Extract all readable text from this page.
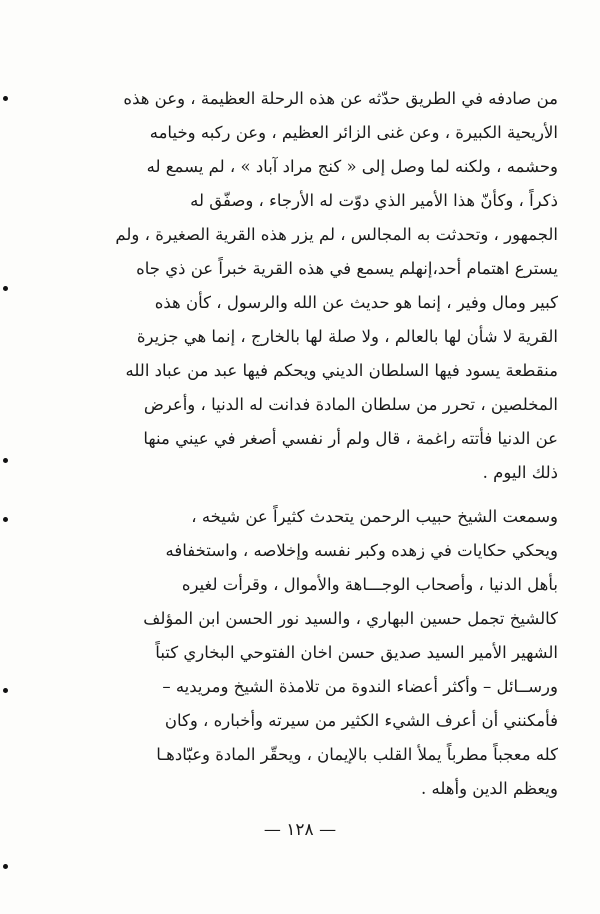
من صادفه في الطريق حدّثه عن هذه الرحلة العظيمة ، وعن هذه
الأريحية الكبيرة ، وعن غنى الزائر العظيم ، وعن ركبه وخيامه
وحشمه ، ولكنه لما وصل إلى « كنج مراد آباد » ، لم يسمع له
ذكراً ، وكأنّ هذا الأمير الذي دوّت له الأرجاء ، وصفّق له
الجمهور ، وتحدثت به المجالس ، لم يزر هذه القرية الصغيرة ، ولم
يسترع اهتمام أحد،إنهلم يسمع في هذه القرية خبراً عن ذي جاه
كبير ومال وفير ، إنما هو حديث عن الله والرسول ، كأن هذه
القرية لا شأن لها بالعالم ، ولا صلة لها بالخارج ، إنما هي جزيرة
منقطعة يسود فيها السلطان الديني ويحكم فيها عبد من عباد الله
المخلصين ، تحرر من سلطان المادة فدانت له الدنيا ، وأعرض
عن الدنيا فأتته راغمة ، قال ولم أر نفسي أصغر في عيني منها
ذلك اليوم .
وسمعت الشيخ حبيب الرحمن يتحدث كثيراً عن شيخه ،
ويحكي حكايات في زهده وكبر نفسه وإخلاصه ، واستخفافه
بأهل الدنيا ، وأصحاب الوجـــاهة والأموال ، وقرأت لغيره
كالشيخ تجمل حسين البهاري ، والسيد نور الحسن ابن المؤلف
الشهير الأمير السيد صديق حسن اخان الفتوحي البخاري كتباً
ورســائل – وأكثر أعضاء الندوة من تلامذة الشيخ ومريديه –
فأمكنني أن أعرف الشيء الكثير من سيرته وأخباره ، وكان
كله معجباً مطرباً يملأ القلب بالإيمان ، ويحقّر المادة وعبّادهـا
ويعظم الدين وأهله .
— ١٢٨ —
